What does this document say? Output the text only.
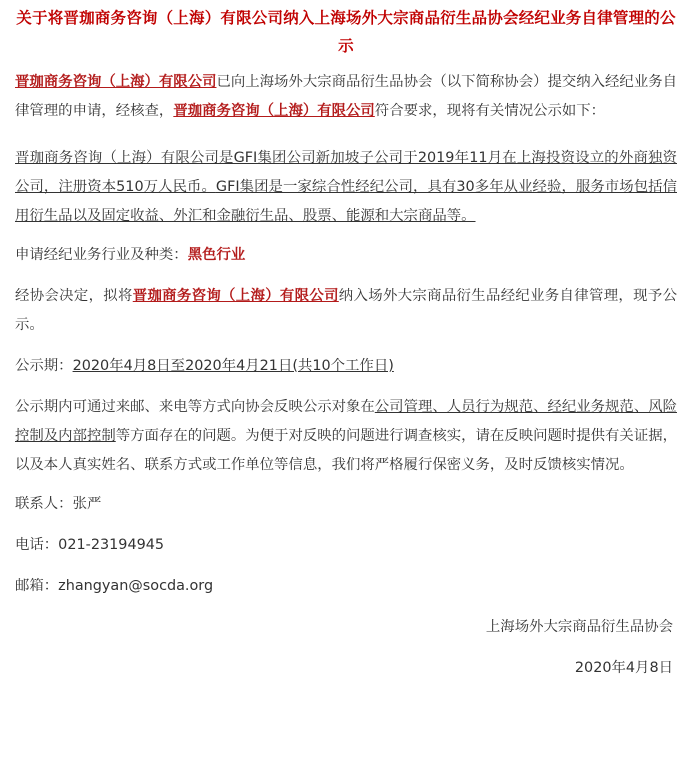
关于将晋珈商务咨询（上海）有限公司纳入上海场外大宗商品衍生品协会经纪业务自律管理的公示

晋珈商务咨询（上海）有限公司已向上海场外大宗商品衍生品协会（以下简称协会）提交纳入经纪业务自律管理的申请，经核查，晋珈商务咨询（上海）有限公司符合要求，现将有关情况公示如下：

晋珈商务咨询（上海）有限公司是GFI集团公司新加坡子公司于2019年11月在上海投资设立的外商独资公司，注册资本510万人民币。GFI集团是一家综合性经纪公司，具有30多年从业经验，服务市场包括信用衍生品以及固定收益、外汇和金融衍生品、股票、能源和大宗商品等。

申请经纪业务行业及种类：黑色行业

经协会决定，拟将晋珈商务咨询（上海）有限公司纳入场外大宗商品衍生品经纪业务自律管理，现予公示。

公示期：2020年4月8日至2020年4月21日(共10个工作日)

公示期内可通过来邮、来电等方式向协会反映公示对象在公司管理、人员行为规范、经纪业务规范、风险控制及内部控制等方面存在的问题。为便于对反映的问题进行调查核实，请在反映问题时提供有关证据，以及本人真实姓名、联系方式或工作单位等信息，我们将严格履行保密义务，及时反馈核实情况。

联系人：张严

电话：021-23194945

邮箱：zhangyan@socda.org

上海场外大宗商品衍生品协会

2020年4月8日
